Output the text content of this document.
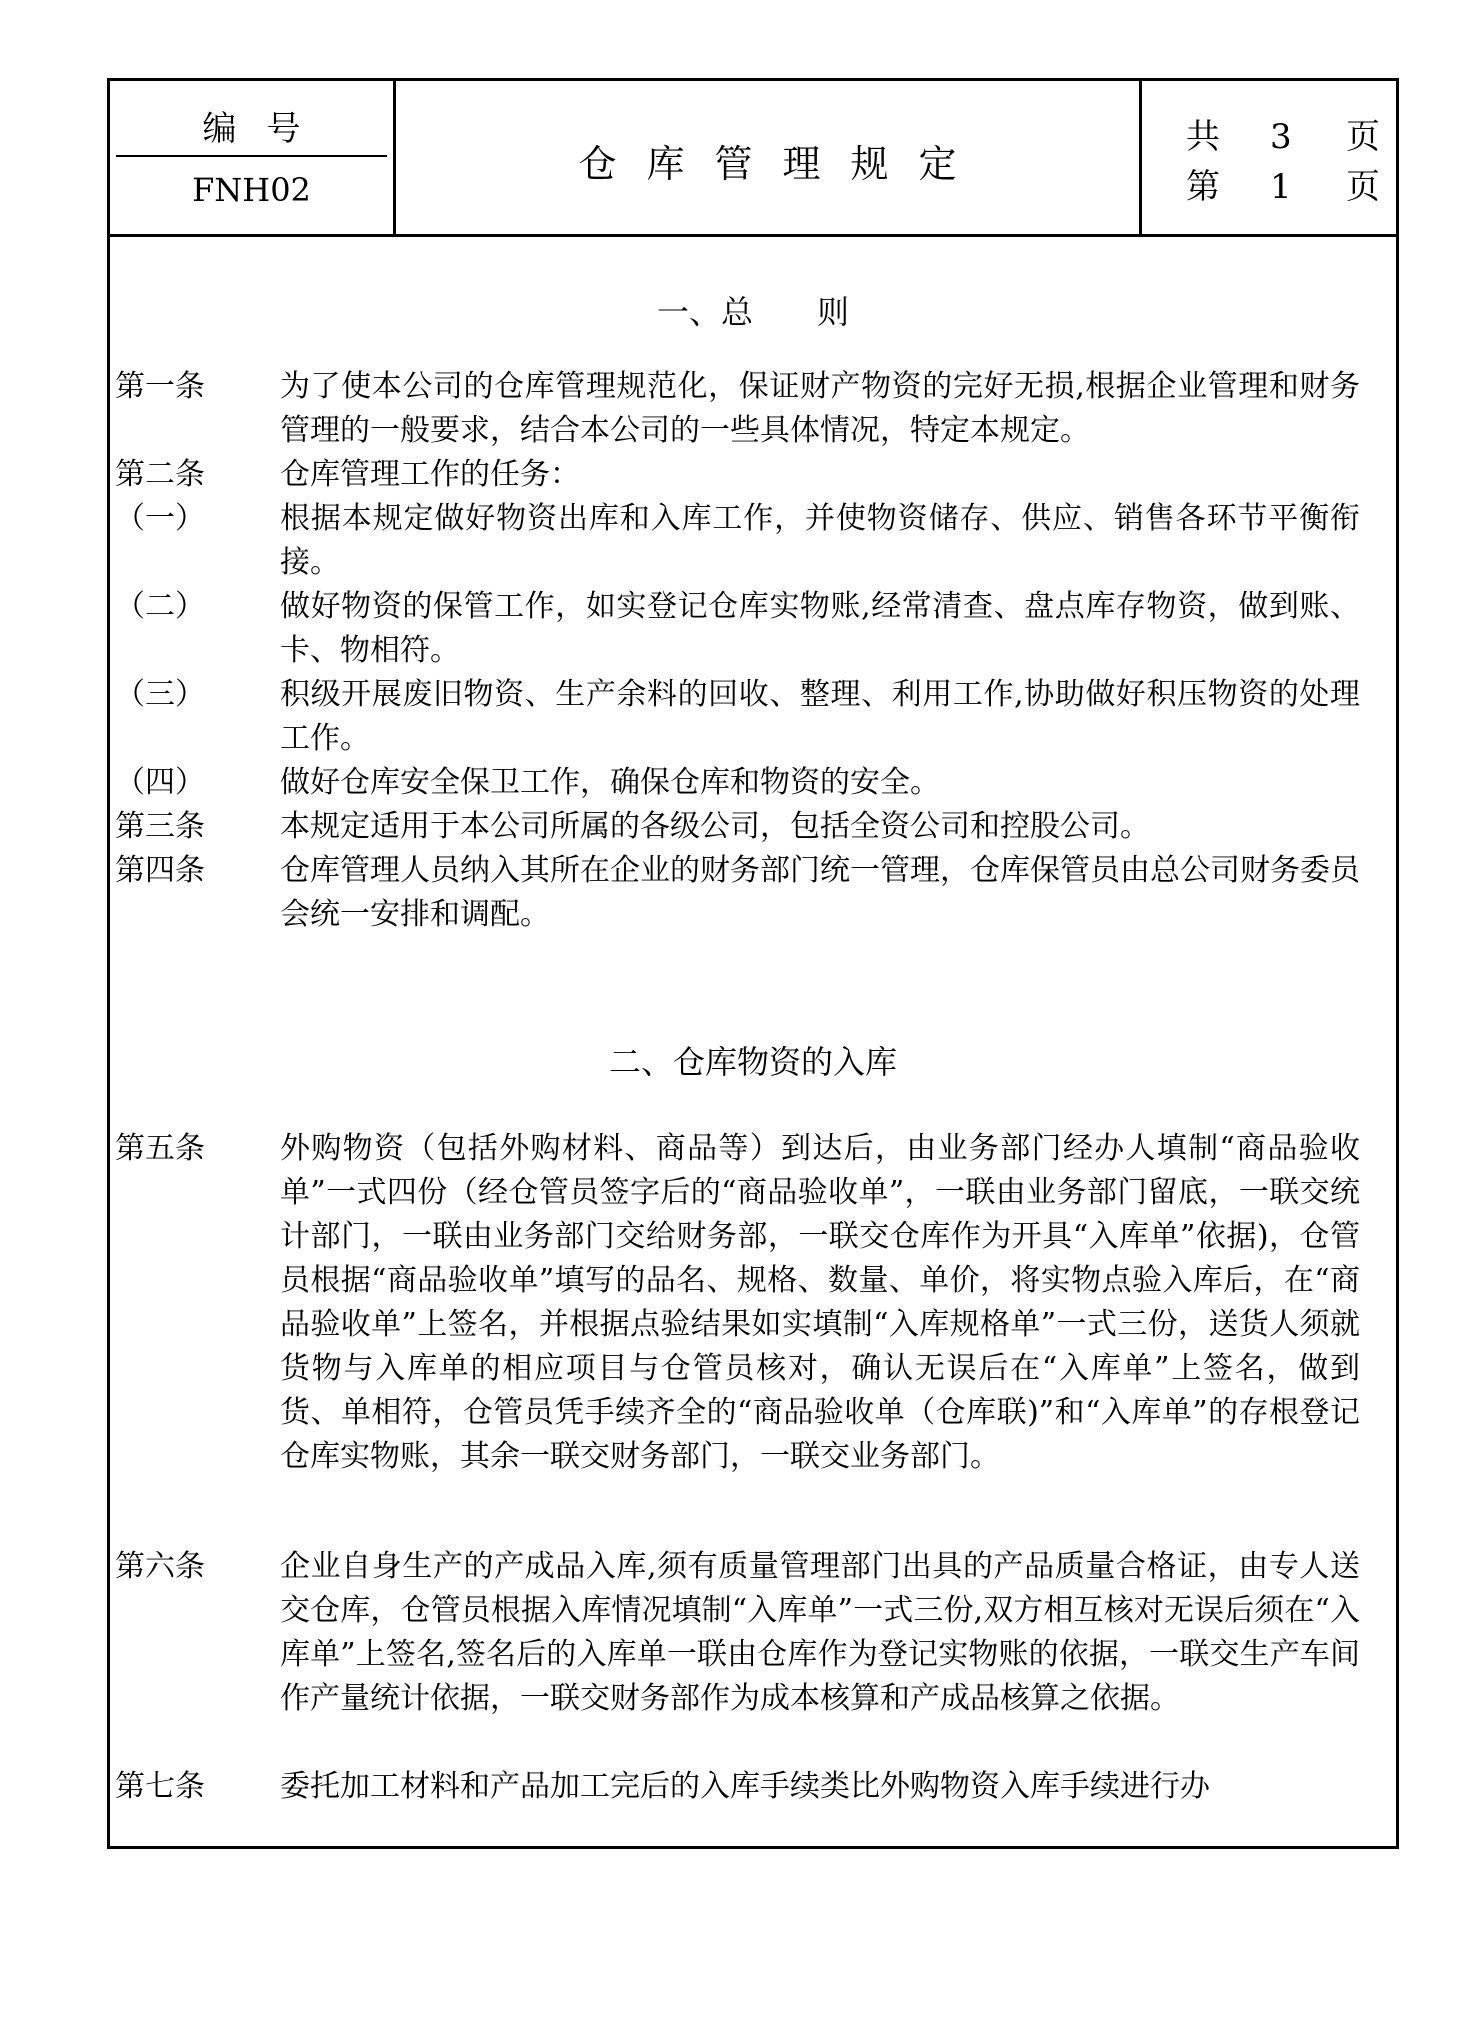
编号
FNH02
仓库管理规定
共 3 页
第 1 页
一、总　　则
第一条	为了使本公司的仓库管理规范化，保证财产物资的完好无损,根据企业管理和财务管理的一般要求，结合本公司的一些具体情况，特定本规定。
第二条	仓库管理工作的任务：
（一）	根据本规定做好物资出库和入库工作，并使物资储存、供应、销售各环节平衡衔接。
（二）	做好物资的保管工作，如实登记仓库实物账,经常清查、盘点库存物资，做到账、卡、物相符。
（三）	积级开展废旧物资、生产余料的回收、整理、利用工作,协助做好积压物资的处理工作。
（四）	做好仓库安全保卫工作，确保仓库和物资的安全。
第三条	本规定适用于本公司所属的各级公司，包括全资公司和控股公司。
第四条	仓库管理人员纳入其所在企业的财务部门统一管理，仓库保管员由总公司财务委员会统一安排和调配。
二、仓库物资的入库
第五条	外购物资（包括外购材料、商品等）到达后，由业务部门经办人填制“商品验收单”一式四份（经仓管员签字后的“商品验收单”，一联由业务部门留底，一联交统计部门，一联由业务部门交给财务部，一联交仓库作为开具“入库单”依据)，仓管员根据“商品验收单”填写的品名、规格、数量、单价，将实物点验入库后，在“商品验收单”上签名，并根据点验结果如实填制“入库规格单”一式三份，送货人须就货物与入库单的相应项目与仓管员核对，确认无误后在“入库单”上签名，做到货、单相符，仓管员凭手续齐全的“商品验收单（仓库联)”和“入库单”的存根登记仓库实物账，其余一联交财务部门，一联交业务部门。
第六条	企业自身生产的产成品入库,须有质量管理部门出具的产品质量合格证，由专人送交仓库，仓管员根据入库情况填制“入库单”一式三份,双方相互核对无误后须在“入库单”上签名,签名后的入库单一联由仓库作为登记实物账的依据，一联交生产车间作产量统计依据，一联交财务部作为成本核算和产成品核算之依据。
第七条	委托加工材料和产品加工完后的入库手续类比外购物资入库手续进行办
